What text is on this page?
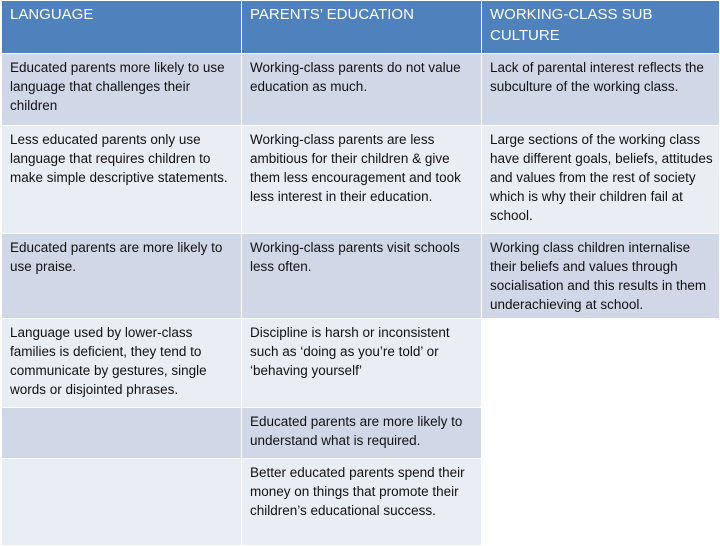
LANGUAGE	PARENTS’ EDUCATION	WORKING-CLASS SUB CULTURE
Educated parents more likely to use language that challenges their children	Working-class parents do not value education as much.	Lack of parental interest reflects the subculture of the working class.
Less educated parents only use language that requires children to make simple descriptive statements.	Working-class parents are less ambitious for their children & give them less encouragement and took less interest in their education.	Large sections of the working class have different goals, beliefs, attitudes and values from the rest of society which is why their children fail at school.
Educated parents are more likely to use praise.	Working-class parents visit schools less often.	Working class children internalise their beliefs and values through socialisation and this results in them underachieving at school.
Language used by lower-class families is deficient, they tend to communicate by gestures, single words or disjointed phrases.	Discipline is harsh or inconsistent such as ‘doing as you’re told’ or ‘behaving yourself’	
	Educated parents are more likely to understand what is required.	
	Better educated parents spend their money on things that promote their children’s educational success.	
